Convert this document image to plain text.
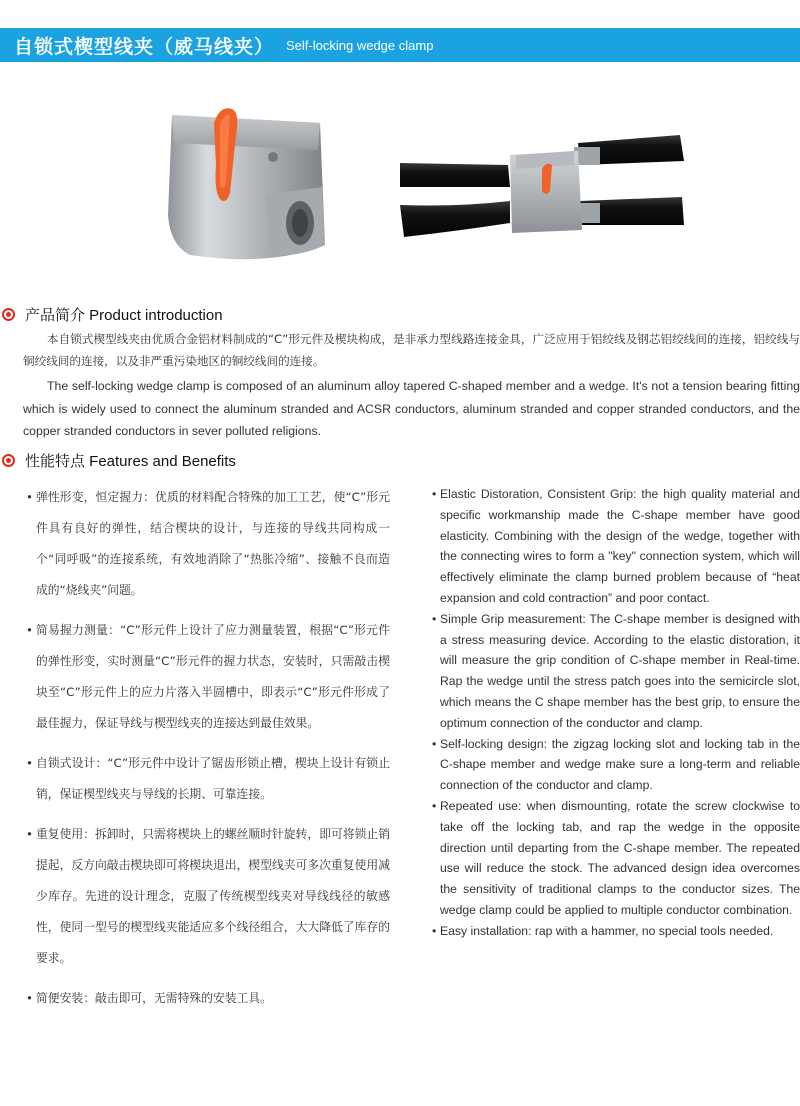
自锁式楔型线夹（威马线夹） Self-locking wedge clamp
产品简介 Product introduction

本自锁式楔型线夹由优质合金铝材料制成的“C”形元件及楔块构成，是非承力型线路连接金具，广泛应用于铝绞线及钢芯铝绞线间的连接，铝绞线与铜绞线间的连接，以及非严重污染地区的铜绞线间的连接。

The self-locking wedge clamp is composed of an aluminum alloy tapered C-shaped member and a wedge. It's not a tension bearing fitting which is widely used to connect the aluminum stranded and ACSR conductors, aluminum stranded and copper stranded conductors, and the copper stranded conductors in sever polluted religions.

性能特点 Features and Benefits
• 弹性形变，恒定握力：优质的材料配合特殊的加工工艺，使“C”形元件具有良好的弹性，结合楔块的设计，与连接的导线共同构成一个“同呼吸”的连接系统，有效地消除了“热胀冷缩”、接触不良而造成的“烧线夹”问题。
• 简易握力测量：“C”形元件上设计了应力测量装置，根据“C”形元件的弹性形变，实时测量“C”形元件的握力状态，安装时，只需敲击楔块至“C”形元件上的应力片落入半圆槽中，即表示“C”形元件形成了最佳握力，保证导线与楔型线夹的连接达到最佳效果。
• 自锁式设计：“C”形元件中设计了锯齿形锁止槽，楔块上设计有锁止销，保证楔型线夹与导线的长期、可靠连接。
• 重复使用：拆卸时，只需将楔块上的螺丝顺时针旋转，即可将锁止销提起，反方向敲击楔块即可将楔块退出，楔型线夹可多次重复使用减少库存。先进的设计理念，克服了传统楔型线夹对导线线径的敏感性，使同一型号的楔型线夹能适应多个线径组合，大大降低了库存的要求。
• 简便安装：敲击即可，无需特殊的安装工具。
• Elastic Distoration, Consistent Grip: the high quality material and specific workmanship made the C-shape member have good elasticity. Combining with the design of the wedge, together with the connecting wires to form a "key" connection system, which will effectively eliminate the clamp burned problem because of “heat expansion and cold contraction” and poor contact.
• Simple Grip measurement: The C-shape member is designed with a stress measuring device. According to the elastic distoration, it will measure the grip condition of C-shape member in Real-time. Rap the wedge until the stress patch goes into the semicircle slot, which means the C shape member has the best grip, to ensure the optimum connection of the conductor and clamp.
• Self-locking design: the zigzag locking slot and locking tab in the C-shape member and wedge make sure a long-term and reliable connection of the conductor and clamp.
• Repeated use: when dismounting, rotate the screw clockwise to take off the locking tab, and rap the wedge in the opposite direction until departing from the C-shape member. The repeated use will reduce the stock. The advanced design idea overcomes the sensitivity of traditional clamps to the conductor sizes. The wedge clamp could be applied to multiple conductor combination.
• Easy installation: rap with a hammer, no special tools needed.
